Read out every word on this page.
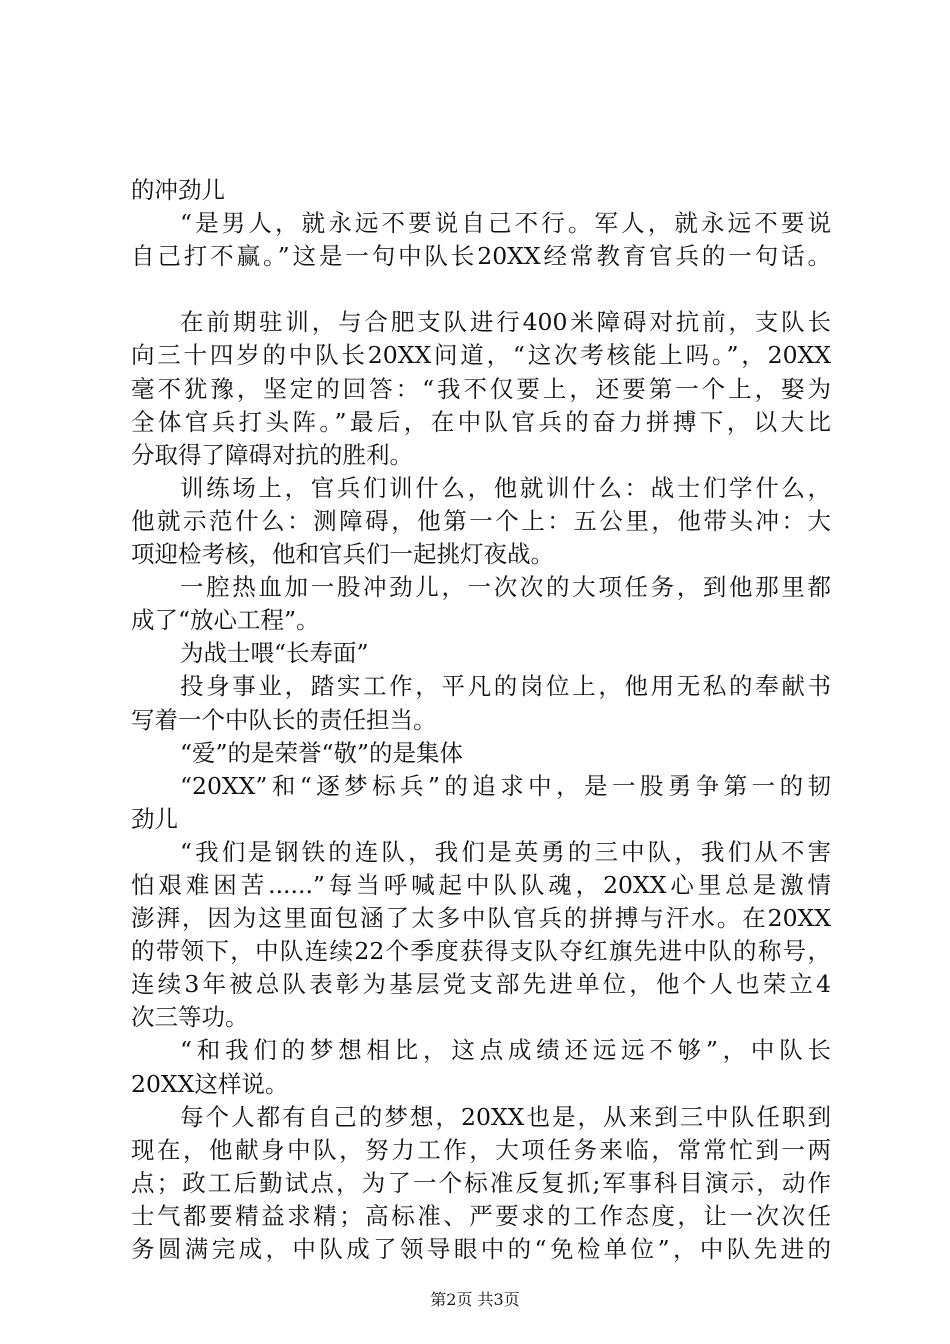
的冲劲儿
“是男人，就永远不要说自己不行。军人，就永远不要说
自己打不赢。”这是一句中队长20XX经常教育官兵的一句话。
在前期驻训，与合肥支队进行400米障碍对抗前，支队长
向三十四岁的中队长20XX问道，“这次考核能上吗。”，20XX
毫不犹豫，坚定的回答：“我不仅要上，还要第一个上，娶为
全体官兵打头阵。”最后，在中队官兵的奋力拼搏下，以大比
分取得了障碍对抗的胜利。
训练场上，官兵们训什么，他就训什么：战士们学什么，
他就示范什么：测障碍，他第一个上：五公里，他带头冲：大
项迎检考核，他和官兵们一起挑灯夜战。
一腔热血加一股冲劲儿，一次次的大项任务，到他那里都
成了“放心工程”。
为战士喂“长寿面”
投身事业，踏实工作，平凡的岗位上，他用无私的奉献书
写着一个中队长的责任担当。
“爱”的是荣誉“敬”的是集体
“20XX”和“逐梦标兵”的追求中，是一股勇争第一的韧
劲儿
“我们是钢铁的连队，我们是英勇的三中队，我们从不害
怕艰难困苦......”每当呼喊起中队队魂，20XX心里总是激情
澎湃，因为这里面包涵了太多中队官兵的拼搏与汗水。在20XX
的带领下，中队连续22个季度获得支队夺红旗先进中队的称号，
连续3年被总队表彰为基层党支部先进单位，他个人也荣立4
次三等功。
“和我们的梦想相比，这点成绩还远远不够”，中队长
20XX这样说。
每个人都有自己的梦想，20XX也是，从来到三中队任职到
现在，他献身中队，努力工作，大项任务来临，常常忙到一两
点；政工后勤试点，为了一个标准反复抓;军事科目演示，动作
士气都要精益求精；高标准、严要求的工作态度，让一次次任
务圆满完成，中队成了领导眼中的“免检单位”，中队先进的
第2页 共3页
